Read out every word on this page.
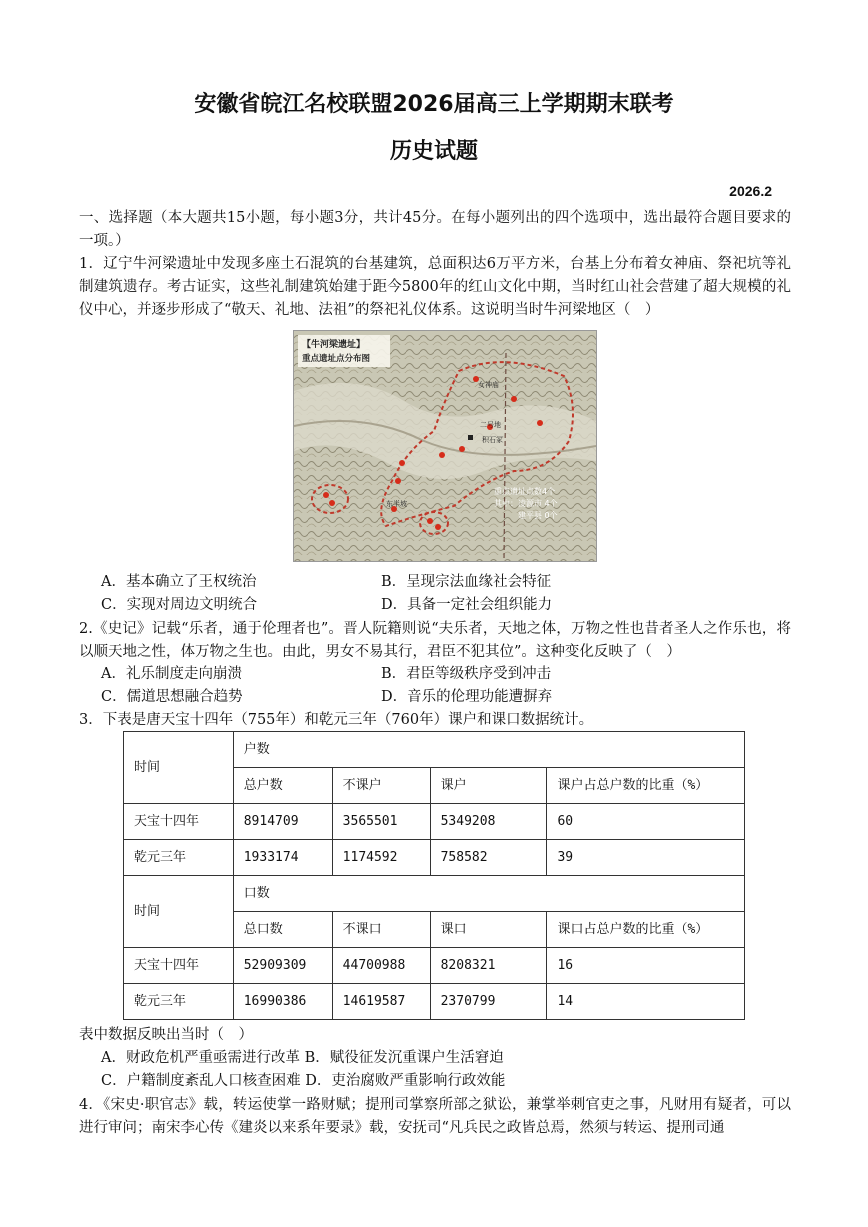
安徽省皖江名校联盟2026届高三上学期期末联考
历史试题
2026.2

一、选择题（本大题共15小题，每小题3分，共计45分。在每小题列出的四个选项中，选出最符合题目要求的一项。）

1．辽宁牛河梁遗址中发现多座土石混筑的台基建筑，总面积达6万平方米，台基上分布着女神庙、祭祀坑等礼制建筑遗存。考古证实，这些礼制建筑始建于距今5800年的红山文化中期，当时红山社会营建了超大规模的礼仪中心，并逐步形成了“敬天、礼地、法祖”的祭祀礼仪体系。这说明当时牛河梁地区（　）

【牛河梁遗址】
重点遗址点分布图
女神庙
二号地
积石冢
东半坡
重点遗址点数4个
其中：凌源市 4个
建平县 0个
A．基本确立了王权统治	B．呈现宗法血缘社会特征
C．实现对周边文明统合	D．具备一定社会组织能力

2.《史记》记载“乐者，通于伦理者也”。晋人阮籍则说“夫乐者，天地之体，万物之性也昔者圣人之作乐也，将以顺天地之性，体万物之生也。由此，男女不易其行，君臣不犯其位”。这种变化反映了（　）

A．礼乐制度走向崩溃	B．君臣等级秩序受到冲击
C．儒道思想融合趋势	D．音乐的伦理功能遭摒弃

3．下表是唐天宝十四年（755年）和乾元三年（760年）课户和课口数据统计。

时间	户数			
	总户数	不课户	课户	课户占总户数的比重（%）
天宝十四年	8914709	3565501	5349208	60
乾元三年	1933174	1174592	758582	39
时间	口数			
	总口数	不课口	课口	课口占总户数的比重（%）
天宝十四年	52909309	44700988	8208321	16
乾元三年	16990386	14619587	2370799	14
表中数据反映出当时（　）
A．财政危机严重亟需进行改革 B．赋役征发沉重课户生活窘迫
C．户籍制度紊乱人口核查困难 D．吏治腐败严重影响行政效能

4．《宋史·职官志》载，转运使掌一路财赋；提刑司掌察所部之狱讼，兼掌举刺官吏之事，凡财用有疑者，可以进行审问；南宋李心传《建炎以来系年要录》载，安抚司“凡兵民之政皆总焉，然须与转运、提刑司通
